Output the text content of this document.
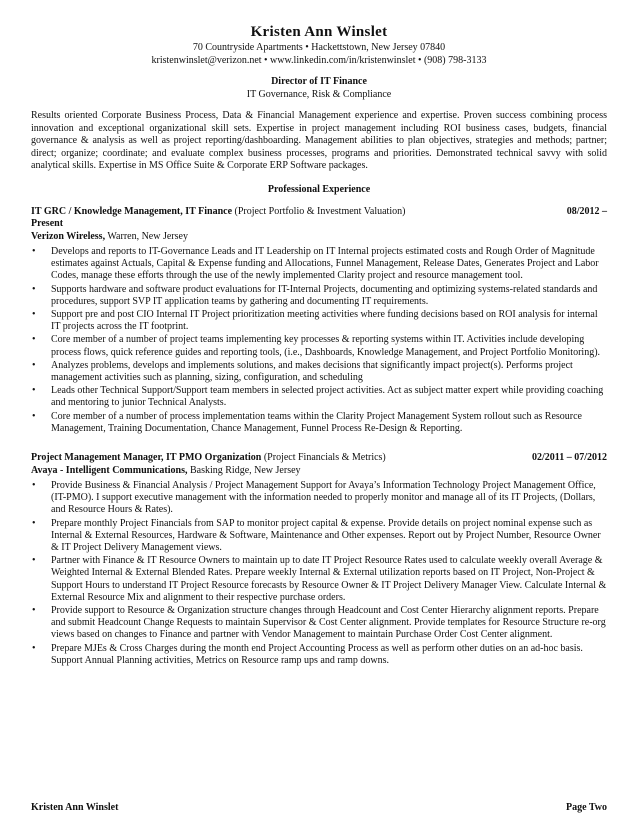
Kristen Ann Winslet
70 Countryside Apartments • Hackettstown, New Jersey 07840
kristenwinslet@verizon.net • www.linkedin.com/in/kristenwinslet • (908) 798-3133
Director of IT Finance
IT Governance, Risk & Compliance
Results oriented Corporate Business Process, Data & Financial Management experience and expertise. Proven success combining process innovation and exceptional organizational skill sets. Expertise in project management including ROI business cases, budgets, financial governance & analysis as well as project reporting/dashboarding. Management abilities to plan objectives, strategies and methods; partner; direct; organize; coordinate; and evaluate complex business processes, programs and priorities. Demonstrated technical savvy with solid analytical skills. Expertise in MS Office Suite & Corporate ERP Software packages.
Professional Experience
IT GRC / Knowledge Management, IT Finance (Project Portfolio & Investment Valuation)	08/2012 –
Present
Verizon Wireless, Warren, New Jersey
• Develops and reports to IT-Governance Leads and IT Leadership on IT Internal projects estimated costs and Rough Order of Magnitude estimates against Actuals, Capital & Expense funding and Allocations, Funnel Management, Release Dates, Generates Project and Labor Codes, manage these efforts through the use of the newly implemented Clarity project and resource management tool.
• Supports hardware and software product evaluations for IT-Internal Projects, documenting and optimizing systems-related standards and procedures, support SVP IT application teams by gathering and documenting IT requirements.
• Support pre and post CIO Internal IT Project prioritization meeting activities where funding decisions based on ROI analysis for internal IT projects across the IT footprint.
• Core member of a number of project teams implementing key processes & reporting systems within IT. Activities include developing process flows, quick reference guides and reporting tools, (i.e., Dashboards, Knowledge Management, and Project Portfolio Monitoring).
• Analyzes problems, develops and implements solutions, and makes decisions that significantly impact project(s). Performs project management activities such as planning, sizing, configuration, and scheduling
• Leads other Technical Support/Support team members in selected project activities. Act as subject matter expert while providing coaching and mentoring to junior Technical Analysts.
• Core member of a number of process implementation teams within the Clarity Project Management System rollout such as Resource Management, Training Documentation, Chance Management, Funnel Process Re-Design & Reporting.
Project Management Manager, IT PMO Organization (Project Financials & Metrics)	02/2011 – 07/2012
Avaya - Intelligent Communications, Basking Ridge, New Jersey
• Provide Business & Financial Analysis / Project Management Support for Avaya’s Information Technology Project Management Office, (IT-PMO). I support executive management with the information needed to properly monitor and manage all of its IT Projects, (Dollars, and Resource Hours & Rates).
• Prepare monthly Project Financials from SAP to monitor project capital & expense. Provide details on project nominal expense such as Internal & External Resources, Hardware & Software, Maintenance and Other expenses. Report out by Project Number, Resource Owner & IT Project Delivery Management views.
• Partner with Finance & IT Resource Owners to maintain up to date IT Project Resource Rates used to calculate weekly overall Average & Weighted Internal & External Blended Rates. Prepare weekly Internal & External utilization reports based on IT Project, Non-Project & Support Hours to understand IT Project Resource forecasts by Resource Owner & IT Project Delivery Manager View. Calculate Internal & External Resource Mix and alignment to their respective purchase orders.
• Provide support to Resource & Organization structure changes through Headcount and Cost Center Hierarchy alignment reports. Prepare and submit Headcount Change Requests to maintain Supervisor & Cost Center alignment. Provide templates for Resource Structure re-org views based on changes to Finance and partner with Vendor Management to maintain Purchase Order Cost Center alignment.
• Prepare MJEs & Cross Charges during the month end Project Accounting Process as well as perform other duties on an ad-hoc basis. Support Annual Planning activities, Metrics on Resource ramp ups and ramp downs.
Kristen Ann Winslet	Page Two
